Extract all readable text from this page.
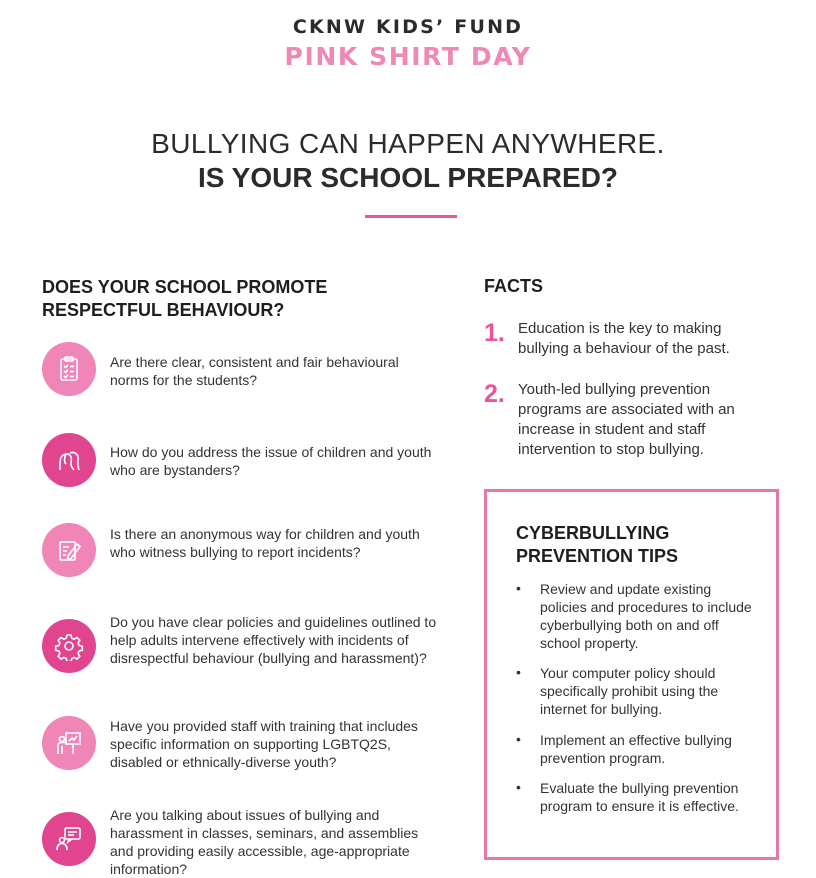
CKNW KIDS’ FUND
PINK SHIRT DAY
BULLYING CAN HAPPEN ANYWHERE.
IS YOUR SCHOOL PREPARED?
DOES YOUR SCHOOL PROMOTE RESPECTFUL BEHAVIOUR?
Are there clear, consistent and fair behavioural norms for the students?
How do you address the issue of children and youth who are bystanders?
Is there an anonymous way for children and youth who witness bullying to report incidents?
Do you have clear policies and guidelines outlined to help adults intervene effectively with incidents of disrespectful behaviour (bullying and harassment)?
Have you provided staff with training that includes specific information on supporting LGBTQ2S, disabled or ethnically-diverse youth?
Are you talking about issues of bullying and harassment in classes, seminars, and assemblies and providing easily accessible, age-appropriate information?
FACTS
1. Education is the key to making bullying a behaviour of the past.
2. Youth-led bullying prevention programs are associated with an increase in student and staff intervention to stop bullying.
CYBERBULLYING PREVENTION TIPS
• Review and update existing policies and procedures to include cyberbullying both on and off school property.
• Your computer policy should specifically prohibit using the internet for bullying.
• Implement an effective bullying prevention program.
• Evaluate the bullying prevention program to ensure it is effective.
